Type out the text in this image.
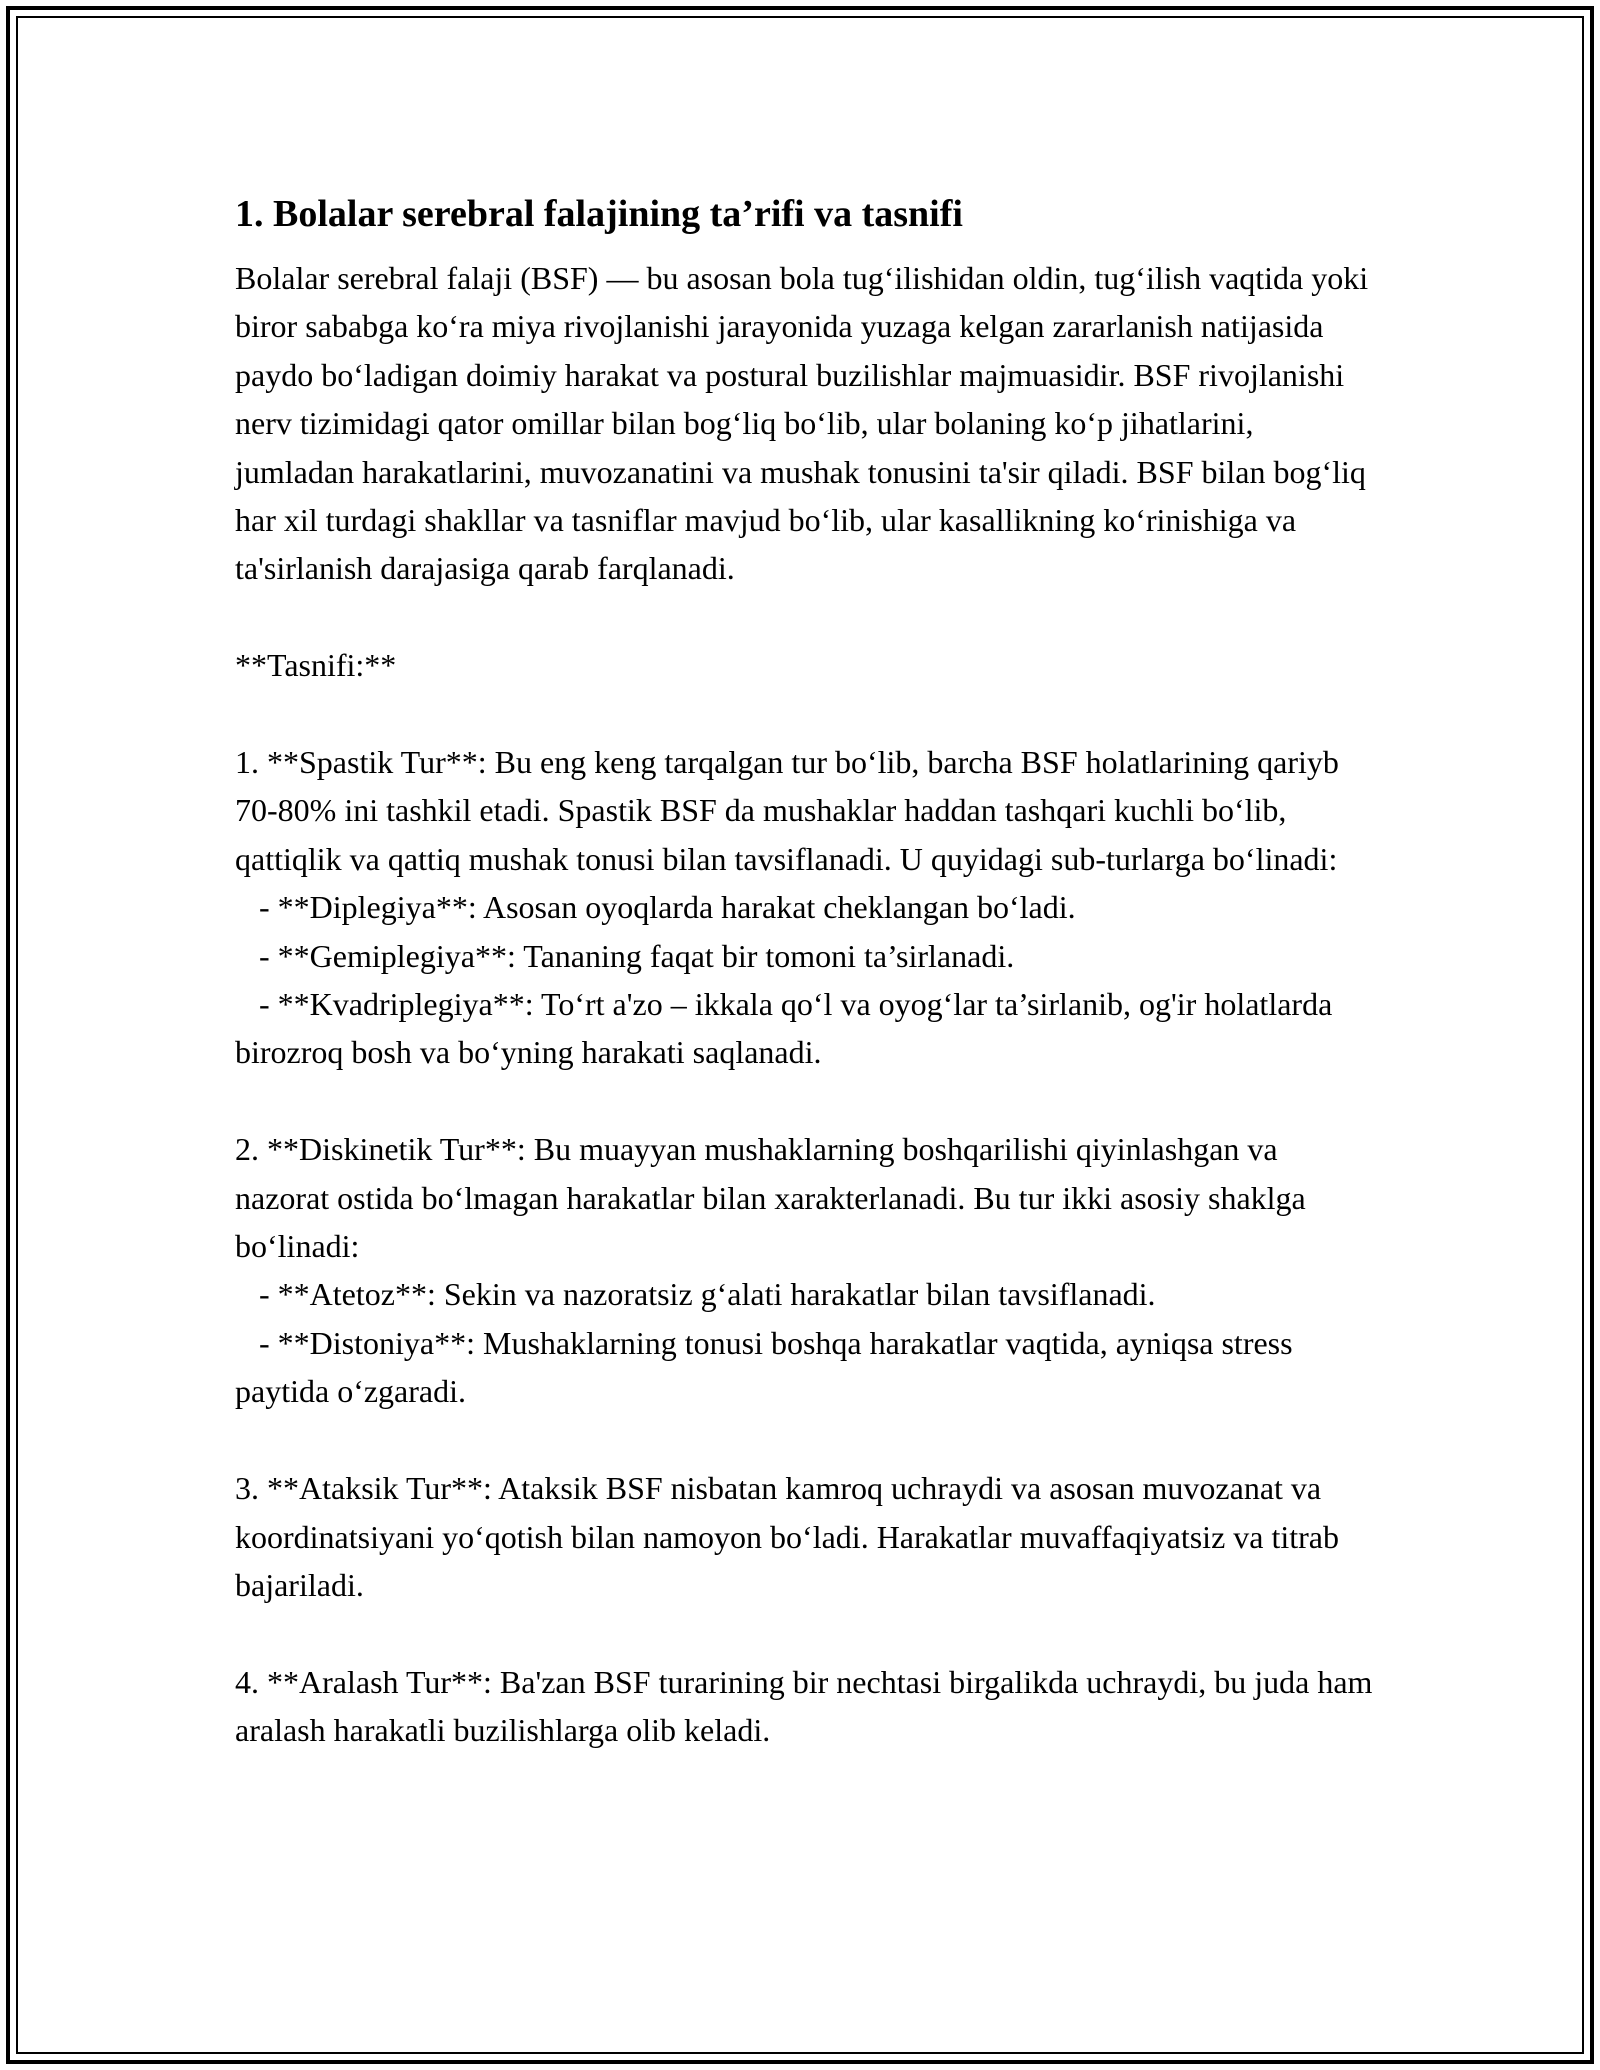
1. Bolalar serebral falajining ta’rifi va tasnifi

Bolalar serebral falaji (BSF) — bu asosan bola tug‘ilishidan oldin, tug‘ilish vaqtida yoki biror sababga ko‘ra miya rivojlanishi jarayonida yuzaga kelgan zararlanish natijasida paydo bo‘ladigan doimiy harakat va postural buzilishlar majmuasidir. BSF rivojlanishi nerv tizimidagi qator omillar bilan bog‘liq bo‘lib, ular bolaning ko‘p jihatlarini, jumladan harakatlarini, muvozanatini va mushak tonusini ta'sir qiladi. BSF bilan bog‘liq har xil turdagi shakllar va tasniflar mavjud bo‘lib, ular kasallikning ko‘rinishiga va ta'sirlanish darajasiga qarab farqlanadi.

**Tasnifi:**

1. **Spastik Tur**: Bu eng keng tarqalgan tur bo‘lib, barcha BSF holatlarining qariyb 70-80% ini tashkil etadi. Spastik BSF da mushaklar haddan tashqari kuchli bo‘lib, qattiqlik va qattiq mushak tonusi bilan tavsiflanadi. U quyidagi sub-turlarga bo‘linadi:

- **Diplegiya**: Asosan oyoqlarda harakat cheklangan bo‘ladi.

- **Gemiplegiya**: Tananing faqat bir tomoni ta’sirlanadi.

- **Kvadriplegiya**: To‘rt a'zo – ikkala qo‘l va oyog‘lar ta’sirlanib, og'ir holatlarda birozroq bosh va bo‘yning harakati saqlanadi.

2. **Diskinetik Tur**: Bu muayyan mushaklarning boshqarilishi qiyinlashgan va nazorat ostida bo‘lmagan harakatlar bilan xarakterlanadi. Bu tur ikki asosiy shaklga bo‘linadi:

- **Atetoz**: Sekin va nazoratsiz g‘alati harakatlar bilan tavsiflanadi.

- **Distoniya**: Mushaklarning tonusi boshqa harakatlar vaqtida, ayniqsa stress paytida o‘zgaradi.

3. **Ataksik Tur**: Ataksik BSF nisbatan kamroq uchraydi va asosan muvozanat va koordinatsiyani yo‘qotish bilan namoyon bo‘ladi. Harakatlar muvaffaqiyatsiz va titrab bajariladi.

4. **Aralash Tur**: Ba'zan BSF turarining bir nechtasi birgalikda uchraydi, bu juda ham aralash harakatli buzilishlarga olib keladi.
